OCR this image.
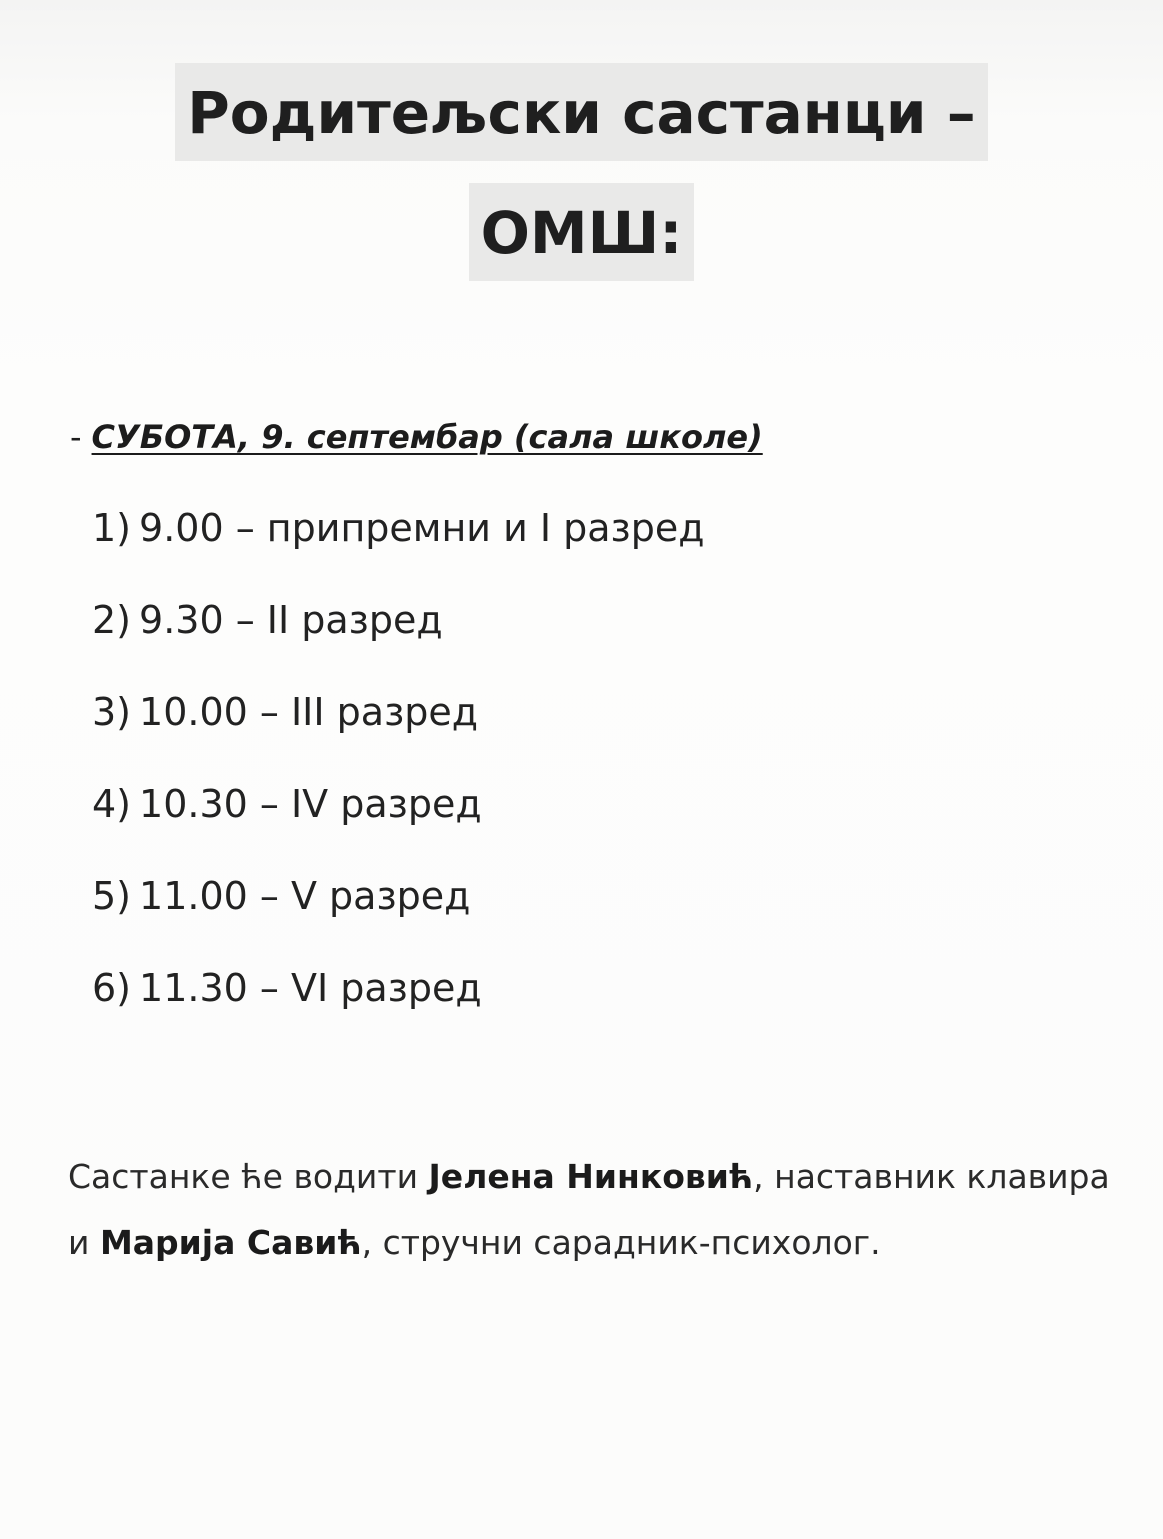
Родитељски састанци –
ОМШ:
- СУБОТА, 9. септембар (сала школе)
1) 9.00 – припремни и I разред
2) 9.30 – II разред
3) 10.00 – III разред
4) 10.30 – IV разред
5) 11.00 – V разред
6) 11.30 – VI разред
Састанке ће водити Јелена Нинковић, наставник клавира и Марија Савић, стручни сарадник-психолог.
